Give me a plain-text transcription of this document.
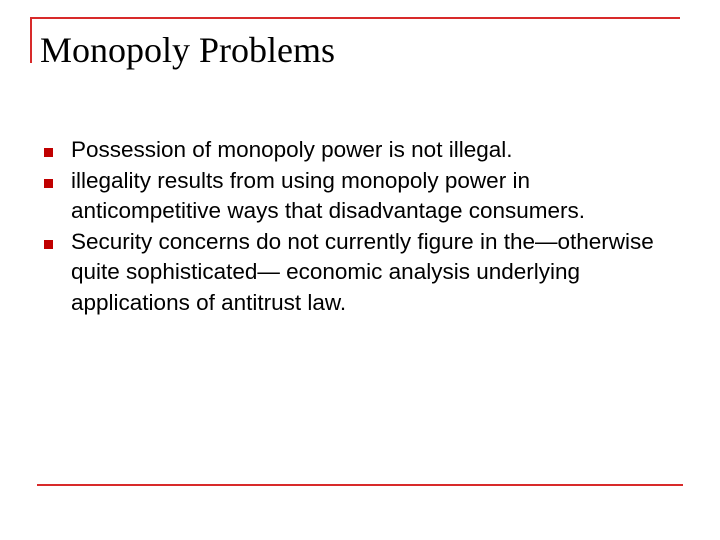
Monopoly Problems
Possession of monopoly power is not illegal.
illegality results from using monopoly power in anticompetitive ways that disadvantage consumers.
Security concerns do not currently figure in the—otherwise quite sophisticated— economic analysis underlying applications of antitrust law.
